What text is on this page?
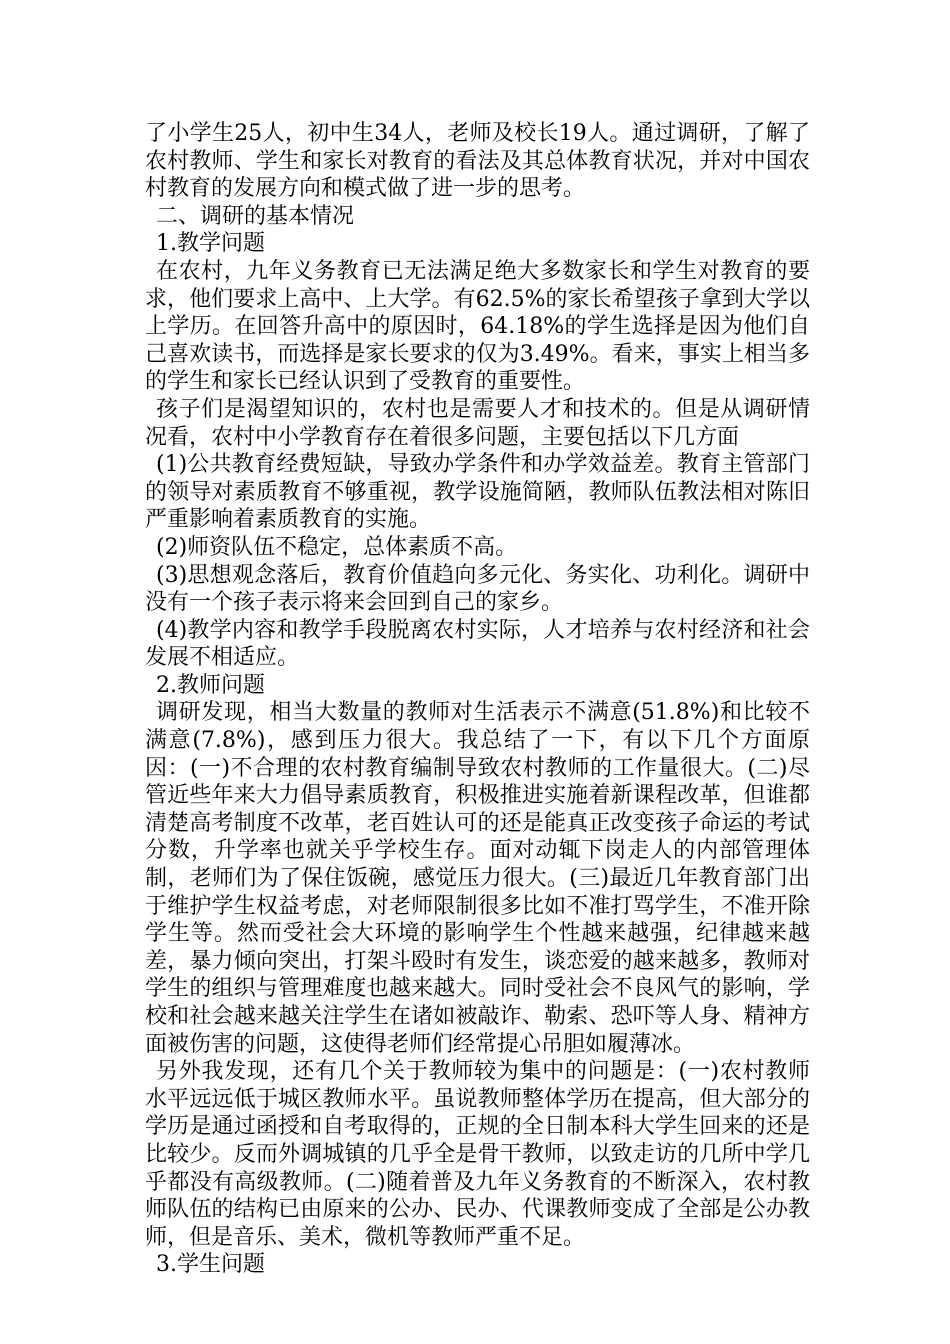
了小学生25人，初中生34人，老师及校长19人。通过调研，了解了农村教师、学生和家长对教育的看法及其总体教育状况，并对中国农村教育的发展方向和模式做了进一步的思考。

二、调研的基本情况

1.教学问题

在农村，九年义务教育已无法满足绝大多数家长和学生对教育的要求，他们要求上高中、上大学。有62.5%的家长希望孩子拿到大学以上学历。在回答升高中的原因时，64.18%的学生选择是因为他们自己喜欢读书，而选择是家长要求的仅为3.49%。看来，事实上相当多的学生和家长已经认识到了受教育的重要性。

孩子们是渴望知识的，农村也是需要人才和技术的。但是从调研情况看，农村中小学教育存在着很多问题，主要包括以下几方面

(1)公共教育经费短缺，导致办学条件和办学效益差。教育主管部门的领导对素质教育不够重视，教学设施简陋，教师队伍教法相对陈旧严重影响着素质教育的实施。

(2)师资队伍不稳定，总体素质不高。

(3)思想观念落后，教育价值趋向多元化、务实化、功利化。调研中没有一个孩子表示将来会回到自己的家乡。

(4)教学内容和教学手段脱离农村实际，人才培养与农村经济和社会发展不相适应。

2.教师问题

调研发现，相当大数量的教师对生活表示不满意(51.8%)和比较不满意(7.8%)，感到压力很大。我总结了一下，有以下几个方面原因：(一)不合理的农村教育编制导致农村教师的工作量很大。(二)尽管近些年来大力倡导素质教育，积极推进实施着新课程改革，但谁都清楚高考制度不改革，老百姓认可的还是能真正改变孩子命运的考试分数，升学率也就关乎学校生存。面对动辄下岗走人的内部管理体制，老师们为了保住饭碗，感觉压力很大。(三)最近几年教育部门出于维护学生权益考虑，对老师限制很多比如不准打骂学生，不准开除学生等。然而受社会大环境的影响学生个性越来越强，纪律越来越差，暴力倾向突出，打架斗殴时有发生，谈恋爱的越来越多，教师对学生的组织与管理难度也越来越大。同时受社会不良风气的影响，学校和社会越来越关注学生在诸如被敲诈、勒索、恐吓等人身、精神方面被伤害的问题，这使得老师们经常提心吊胆如履薄冰。

另外我发现，还有几个关于教师较为集中的问题是：(一)农村教师水平远远低于城区教师水平。虽说教师整体学历在提高，但大部分的学历是通过函授和自考取得的，正规的全日制本科大学生回来的还是比较少。反而外调城镇的几乎全是骨干教师，以致走访的几所中学几乎都没有高级教师。(二)随着普及九年义务教育的不断深入，农村教师队伍的结构已由原来的公办、民办、代课教师变成了全部是公办教师，但是音乐、美术，微机等教师严重不足。

3.学生问题
